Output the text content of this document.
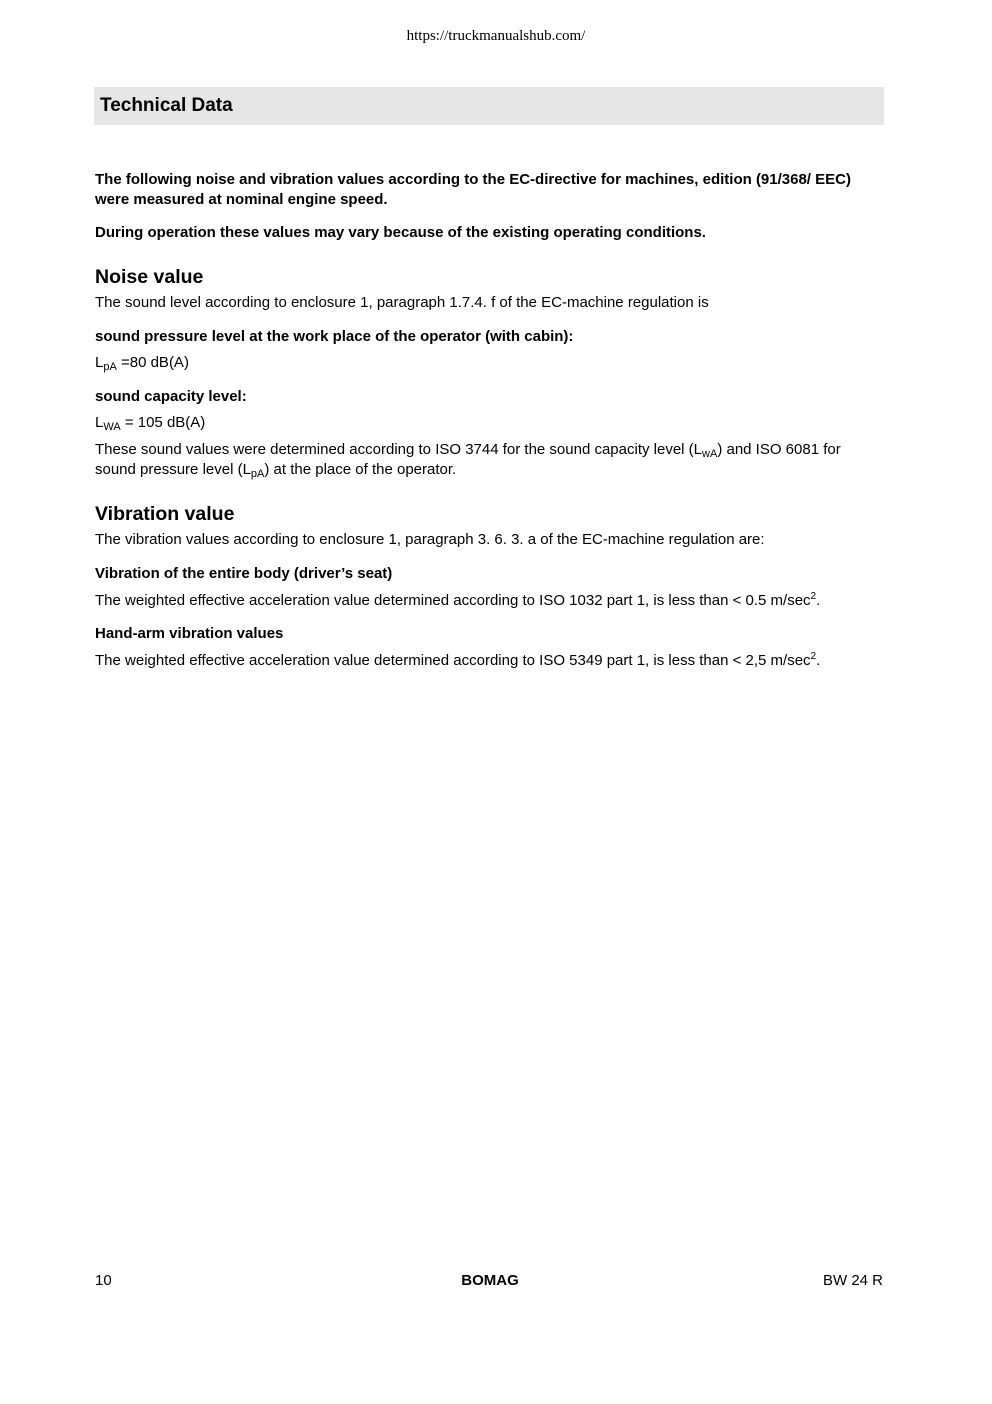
https://truckmanualshub.com/
Technical Data

The following noise and vibration values according to the EC-directive for machines, edition (91/368/ EEC) were measured at nominal engine speed.

During operation these values may vary because of the existing operating conditions.

Noise value

The sound level according to enclosure 1, paragraph 1.7.4. f of the EC-machine regulation is

sound pressure level at the work place of the operator (with cabin):

$L_{pA} =80$ dB(A)

sound capacity level:

$L_{WA} = 105$ dB(A)

These sound values were determined according to ISO 3744 for the sound capacity level $(L_{wA})$ and ISO 6081 for sound pressure level $(L_{pA})$ at the place of the operator.

Vibration value

The vibration values according to enclosure 1, paragraph 3. 6. 3. a of the EC-machine regulation are:

Vibration of the entire body (driver’s seat)

The weighted effective acceleration value determined according to ISO 1032 part 1, is less than < 0.5 $m/\sec^2$.

Hand-arm vibration values

The weighted effective acceleration value determined according to ISO 5349 part 1, is less than < 2,5 $m/\sec^2$.

10	BOMAG	BW 24 R
